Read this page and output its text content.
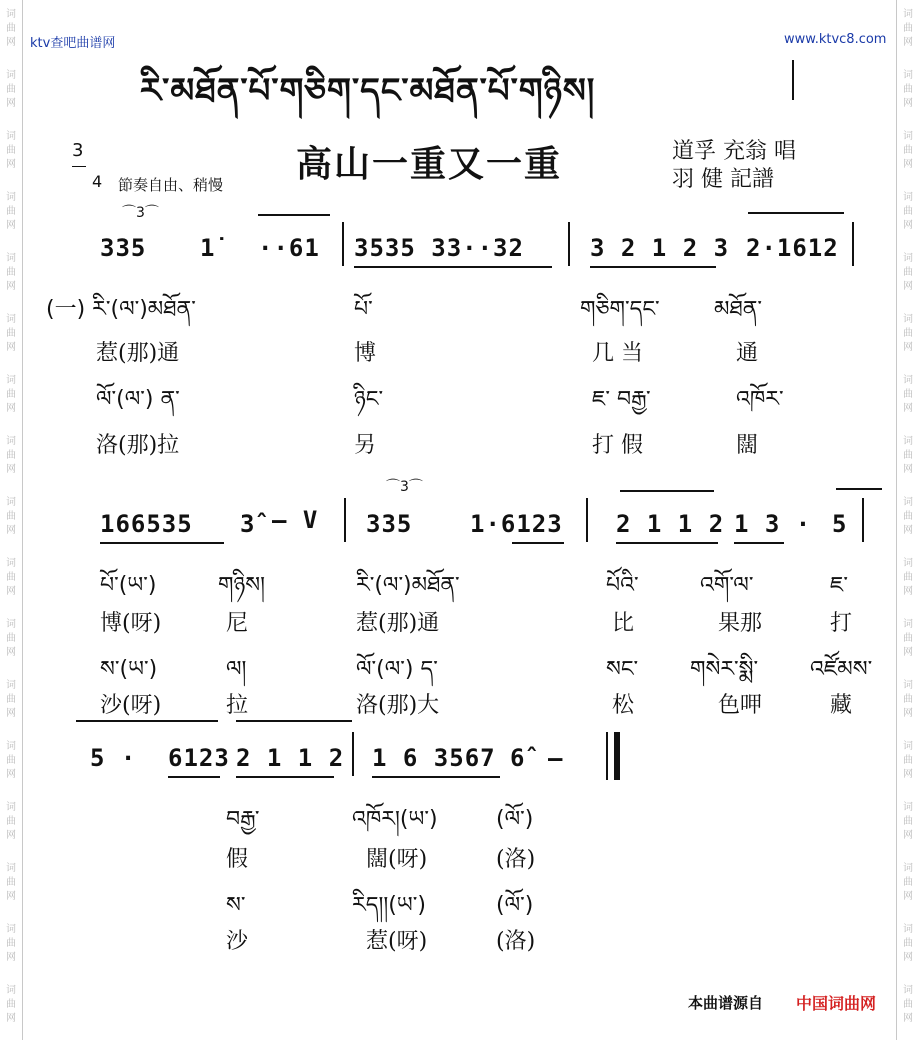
词
曲
网
词
曲
网
词
曲
网
词
曲
网
词
曲
网
词
曲
网
词
曲
网
词
曲
网
词
曲
网
词
曲
网
词
曲
网
词
曲
网
词
曲
网
词
曲
网
词
曲
网
词
曲
网
词
曲
网
词
曲
网
词
曲
网
词
曲
网
词
曲
网
词
曲
网
词
曲
网
词
曲
网
词
曲
网
词
曲
网
词
曲
网
词
曲
网
词
曲
网
词
曲
网
词
曲
网
词
曲
网
词
曲
网
词
曲
网
ktv查吧曲谱网	www.ktvc8.com
རི་མཐོན་པོ་གཅིག་དང་མཐོན་པོ་གཉིས།
高山一重又一重	道孚 充翁 唱
羽 健 記譜
3
4 節奏自由、稍慢
335
⌒3⌒
1̇ ··61 3535 33··32	3 2 1 2 3 2·1612
(一) རི་(ལ་)མཐོན་	པོ་	གཅིག་དང་ མཐོན་
惹(那)通	博	几 当	通
ལོ་(ལ་) ན་	ཉིང་	ཇ་ བརྒྱ་	འཁོར་
洛(那)拉	另	打 假	闊
166535 3̂ — V 335
⌒3⌒
1·6123 2 1 1 2 1 3 · 5
པོ་(ཡ་)	གཉིས།	རི་(ལ་)མཐོན་	པོའི་	འགོ་ལ་	ཇ་
博(呀)	尼	惹(那)通	比	果那	打
ས་(ཡ་)	ལ།	ལོ་(ལ་) ད་	སང་ གསེར་སྨི་ འཛོམས་
沙(呀)	拉	洛(那)大	松	色呷	藏
5 · 6123 2 1 1 2 1 6 3567 6̂ —
བརྒྱ་	འཁོར།(ཡ་)	(ལོ་)
假	闊(呀)	(洛)
ས་	རིད།།(ཡ་)	(ལོ་)
沙	惹(呀)	(洛)
本曲谱源自 中国词曲网
